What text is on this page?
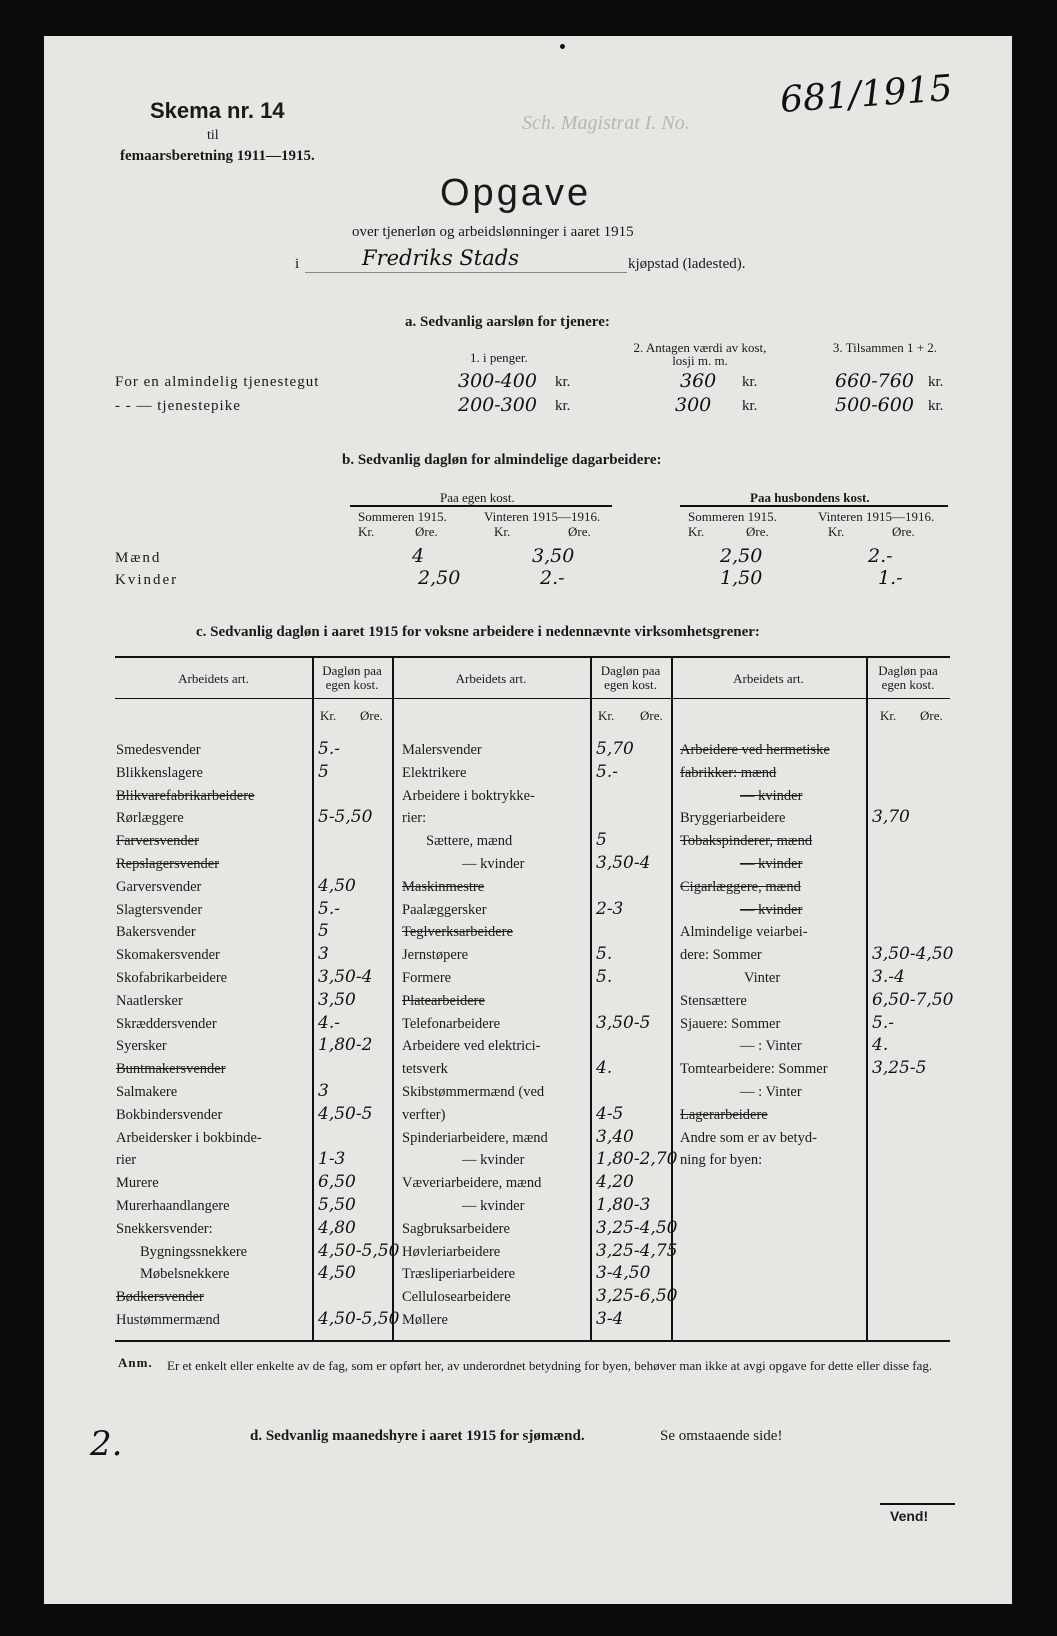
Skema nr. 14
til
femaarsberetning 1911—1915.
Sch. Magistrat I. No.
681/1915
Opgave
over tjenerløn og arbeidslønninger i aaret 1915
i	Fredriks Stads	kjøpstad (ladested).
a. Sedvanlig aarsløn for tjenere:
1. i penger.
2. Antagen værdi av kost, losji m. m.
3. Tilsammen 1 + 2.
For en almindelig tjenestegut	300-400 kr.	360 kr.	660-760 kr.
- - — tjenestepike	200-300 kr.	300 kr.	500-600 kr.
b. Sedvanlig dagløn for almindelige dagarbeidere:
Paa egen kost.	Paa husbondens kost.
Sommeren 1915.	Vinteren 1915—1916.	Sommeren 1915.	Vinteren 1915—1916.
Kr.	Øre.	Kr.	Øre.	Kr.	Øre.	Kr.	Øre.
Mænd	4	3,50	2,50	2.-
Kvinder	2,50	2.-	1,50	1.-
c. Sedvanlig dagløn i aaret 1915 for voksne arbeidere i nedennævnte virksomhetsgrener:
Arbeidets art.
Dagløn paa egen kost.	Arbeidets art.
Dagløn paa egen kost.	Arbeidets art.
Dagløn paa egen kost.
Kr. Øre.	Kr. Øre.	Kr. Øre.
Smedesvender	5.-
Blikkenslagere	5
Blikvarefabrikarbeidere
Rørlæggere	5-5,50
Farversvender
Repslagersvender
Garversvender	4,50
Slagtersvender	5.-
Bakersvender	5
Skomakersvender	3
Skofabrikarbeidere	3,50-4
Naatlersker	3,50
Skræddersvender	4.-
Syersker	1,80-2
Buntmakersvender
Salmakere	3
Bokbindersvender	4,50-5
Arbeidersker i bokbinde-
rier	1-3
Murere	6,50
Murerhaandlangere	5,50
Snekkersvender:	4,80
Bygningssnekkere	4,50-5,50
Møbelsnekkere	4,50
Bødkersvender
Hustømmermænd	4,50-5,50
Malersvender	5,70
Elektrikere	5.-
Arbeidere i boktrykke-
rier:
Sættere, mænd	5
— kvinder	3,50-4
Maskinmestre
Paalæggersker	2-3
Teglverksarbeidere
Jernstøpere	5.
Formere	5.
Platearbeidere
Telefonarbeidere	3,50-5
Arbeidere ved elektrici-
tetsverk	4.
Skibstømmermænd (ved
verfter)	4-5
Spinderiarbeidere, mænd	3,40
— kvinder	1,80-2,70
Væveriarbeidere, mænd	4,20
— kvinder	1,80-3
Sagbruksarbeidere	3,25-4,50
Høvleriarbeidere	3,25-4,75
Træsliperiarbeidere	3-4,50
Cellulosearbeidere	3,25-6,50
Møllere	3-4
Arbeidere ved hermetiske
fabrikker: mænd
— kvinder
Bryggeriarbeidere	3,70
Tobakspinderer, mænd
— kvinder
Cigarlæggere, mænd
— kvinder
Almindelige veiarbei-
dere: Sommer	3,50-4,50
Vinter	3.-4
Stensættere	6,50-7,50
Sjauere: Sommer	5.-
— : Vinter	4.
Tomtearbeidere: Sommer	3,25-5
— : Vinter
Lagerarbeidere
Andre som er av betyd-
ning for byen:
Anm. Er et enkelt eller enkelte av de fag, som er opført her, av underordnet betydning for byen, behøver man ikke at avgi opgave for dette eller disse fag.
2.	d. Sedvanlig maanedshyre i aaret 1915 for sjømænd.	Se omstaaende side!
Vend!
